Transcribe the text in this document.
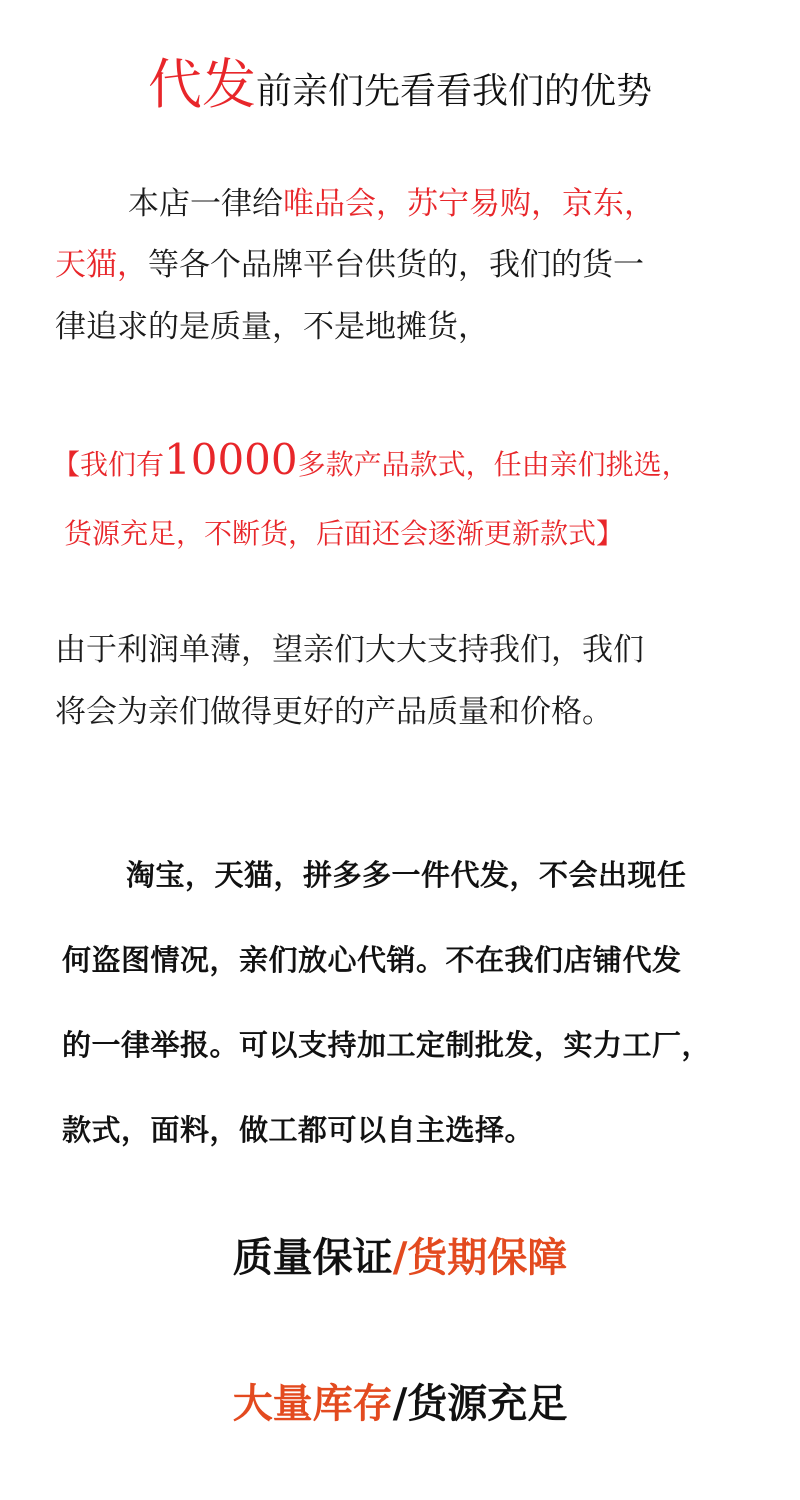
代发前亲们先看看我们的优势
本店一律给唯品会，苏宁易购，京东，
天猫，等各个品牌平台供货的，我们的货一
律追求的是质量，不是地摊货，
【我们有10000多款产品款式，任由亲们挑选，
货源充足，不断货，后面还会逐渐更新款式】
由于利润单薄，望亲们大大支持我们，我们
将会为亲们做得更好的产品质量和价格。
淘宝，天猫，拼多多一件代发，不会出现任
何盗图情况，亲们放心代销。不在我们店铺代发
的一律举报。可以支持加工定制批发，实力工厂，
款式，面料，做工都可以自主选择。
质量保证/货期保障
大量库存/货源充足
